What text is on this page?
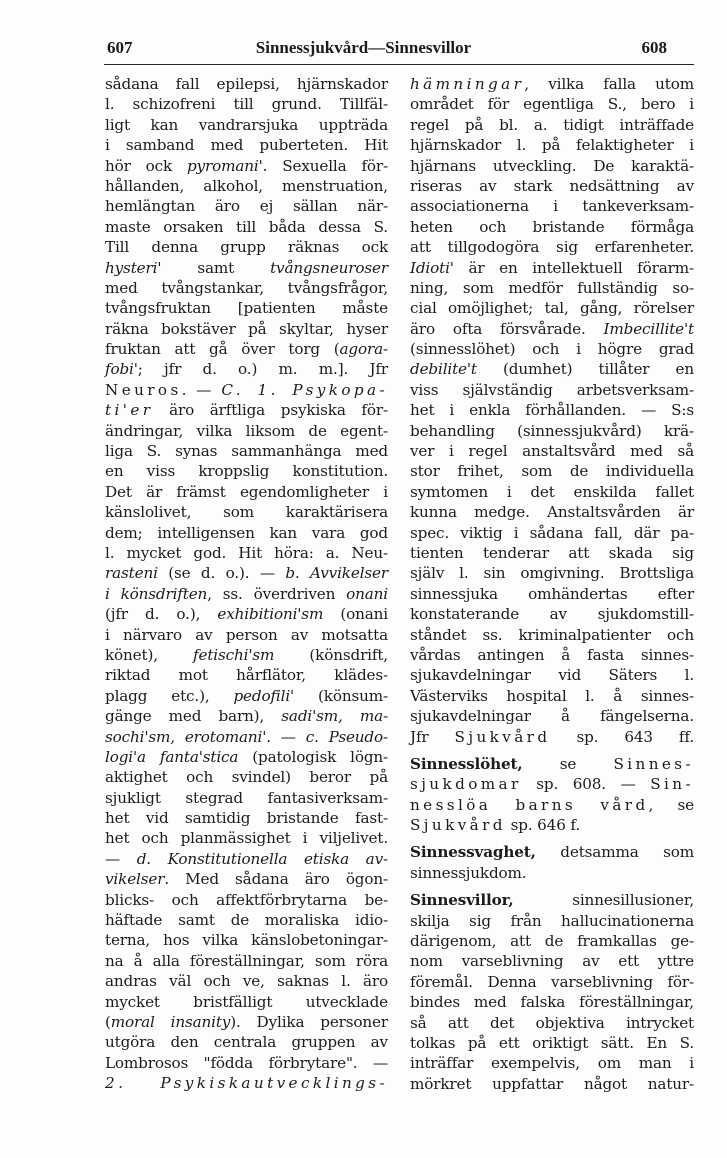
607	Sinnessjukvård—Sinnesvillor	608
sådana fall epilepsi, hjärnskador
l. schizofreni till grund. Tillfäl-
ligt kan vandrarsjuka uppträda
i samband med puberteten. Hit
hör ock pyromani'. Sexuella för-
hållanden, alkohol, menstruation,
hemlängtan äro ej sällan när-
maste orsaken till båda dessa S.
Till denna grupp räknas ock
hysteri' samt tvångsneuroser
med tvångstankar, tvångsfrågor,
tvångsfruktan [patienten måste
räkna bokstäver på skyltar, hyser
fruktan att gå över torg (agora-
fobi'; jfr d. o.) m. m.]. Jfr
Neuros. — C. 1. Psykopa-
ti'er äro ärftliga psykiska för-
ändringar, vilka liksom de egent-
liga S. synas sammanhänga med
en viss kroppslig konstitution.
Det är främst egendomligheter i
känslolivet, som karaktärisera
dem; intelligensen kan vara god
l. mycket god. Hit höra: a. Neu-
rasteni (se d. o.). — b. Avvikelser
i könsdriften, ss. överdriven onani
(jfr d. o.), exhibitioni'sm (onani
i närvaro av person av motsatta
könet), fetischi'sm (könsdrift,
riktad mot hårflätor, klädes-
plagg etc.), pedofili' (könsum-
gänge med barn), sadi'sm, ma-
sochi'sm, erotomani'. — c. Pseudo-
logi'a fanta'stica (patologisk lögn-
aktighet och svindel) beror på
sjukligt stegrad fantasiverksam-
het vid samtidig bristande fast-
het och planmässighet i viljelivet.
— d. Konstitutionella etiska av-
vikelser. Med sådana äro ögon-
blicks- och affektförbrytarna be-
häftade samt de moraliska idio-
terna, hos vilka känslobetoningar-
na å alla föreställningar, som röra
andras väl och ve, saknas l. äro
mycket bristfälligt utvecklade
(moral insanity). Dylika personer
utgöra den centrala gruppen av
Lombrosos "födda förbrytare". —
2. Psykiskautvecklings-
hämningar, vilka falla utom
området för egentliga S., bero i
regel på bl. a. tidigt inträffade
hjärnskador l. på felaktigheter i
hjärnans utveckling. De karaktä-
riseras av stark nedsättning av
associationerna i tankeverksam-
heten och bristande förmåga
att tillgodogöra sig erfarenheter.
Idioti' är en intellektuell förarm-
ning, som medför fullständig so-
cial omöjlighet; tal, gång, rörelser
äro ofta försvårade. Imbecillite't
(sinnesslöhet) och i högre grad
debilite't (dumhet) tillåter en
viss självständig arbetsverksam-
het i enkla förhållanden. — S:s
behandling (sinnessjukvård) krä-
ver i regel anstaltsvård med så
stor frihet, som de individuella
symtomen i det enskilda fallet
kunna medge. Anstaltsvården är
spec. viktig i sådana fall, där pa-
tienten tenderar att skada sig
själv l. sin omgivning. Brottsliga
sinnessjuka omhändertas efter
konstaterande av sjukdomstill-
ståndet ss. kriminalpatienter och
vårdas antingen å fasta sinnes-
sjukavdelningar vid Säters l.
Västerviks hospital l. å sinnes-
sjukavdelningar å fängelserna.
Jfr Sjukvård sp. 643 ff.
Sinnesslöhet, se Sinnes-
sjukdomar sp. 608. — Sin-
nesslöa barns vård, se
Sjukvård sp. 646 f.
Sinnessvaghet, detsamma som
sinnessjukdom.
Sinnesvillor, sinnesillusioner,
skilja sig från hallucinationerna
därigenom, att de framkallas ge-
nom varseblivning av ett yttre
föremål. Denna varseblivning för-
bindes med falska föreställningar,
så att det objektiva intrycket
tolkas på ett oriktigt sätt. En S.
inträffar exempelvis, om man i
mörkret uppfattar något natur-
